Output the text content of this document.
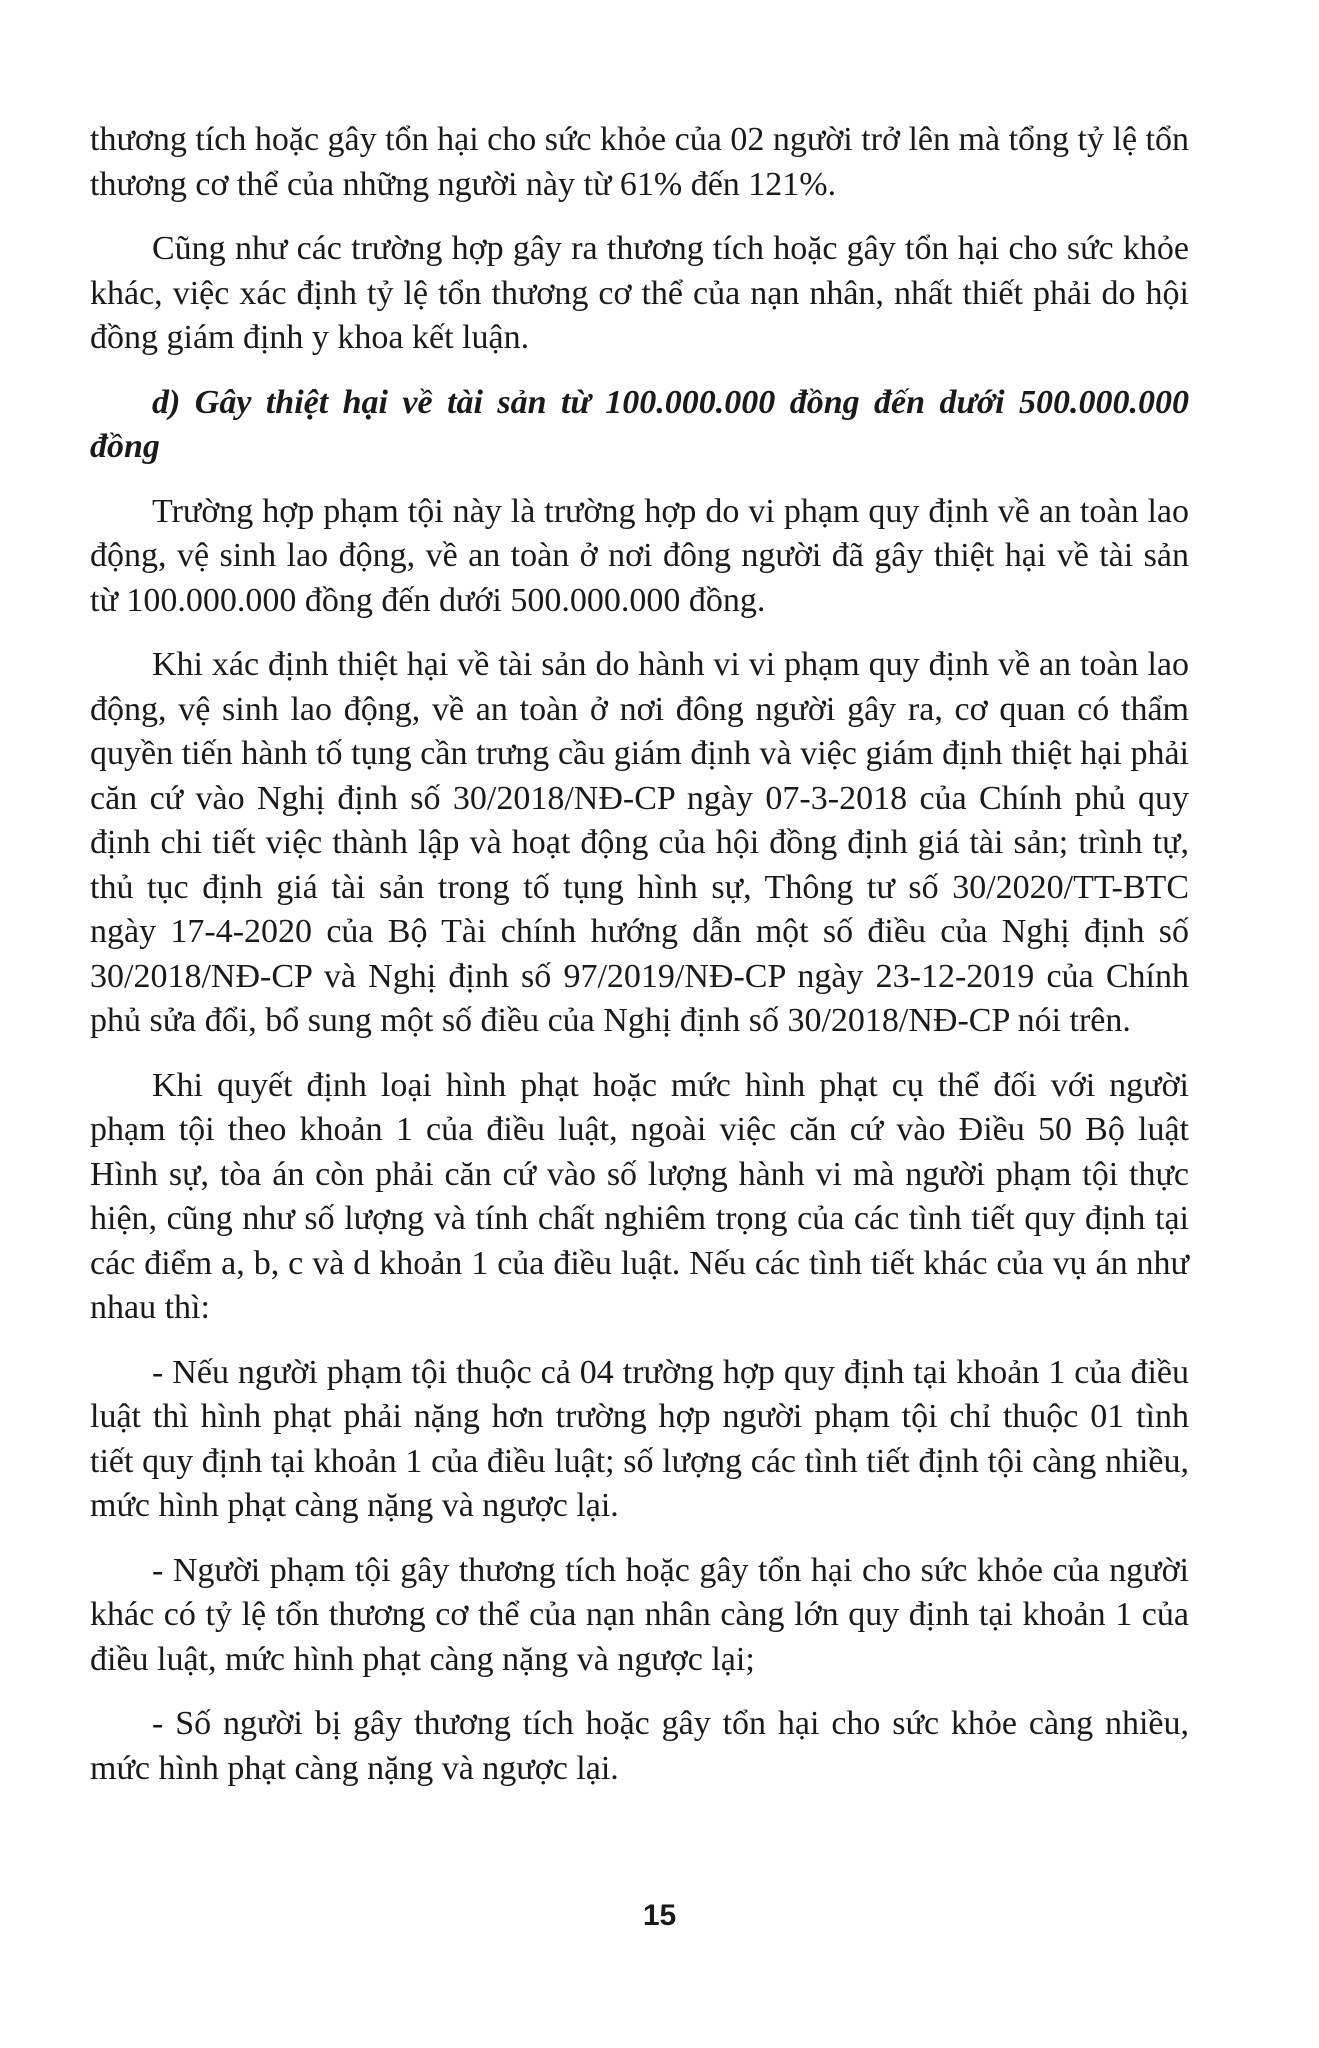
thương tích hoặc gây tổn hại cho sức khỏe của 02 người trở lên mà tổng tỷ lệ tổn thương cơ thể của những người này từ 61% đến 121%.

Cũng như các trường hợp gây ra thương tích hoặc gây tổn hại cho sức khỏe khác, việc xác định tỷ lệ tổn thương cơ thể của nạn nhân, nhất thiết phải do hội đồng giám định y khoa kết luận.

d) Gây thiệt hại về tài sản từ 100.000.000 đồng đến dưới 500.000.000 đồng

Trường hợp phạm tội này là trường hợp do vi phạm quy định về an toàn lao động, vệ sinh lao động, về an toàn ở nơi đông người đã gây thiệt hại về tài sản từ 100.000.000 đồng đến dưới 500.000.000 đồng.

Khi xác định thiệt hại về tài sản do hành vi vi phạm quy định về an toàn lao động, vệ sinh lao động, về an toàn ở nơi đông người gây ra, cơ quan có thẩm quyền tiến hành tố tụng cần trưng cầu giám định và việc giám định thiệt hại phải căn cứ vào Nghị định số 30/2018/NĐ-CP ngày 07-3-2018 của Chính phủ quy định chi tiết việc thành lập và hoạt động của hội đồng định giá tài sản; trình tự, thủ tục định giá tài sản trong tố tụng hình sự, Thông tư số 30/2020/TT-BTC ngày 17-4-2020 của Bộ Tài chính hướng dẫn một số điều của Nghị định số 30/2018/NĐ-CP và Nghị định số 97/2019/NĐ-CP ngày 23-12-2019 của Chính phủ sửa đổi, bổ sung một số điều của Nghị định số 30/2018/NĐ-CP nói trên.

Khi quyết định loại hình phạt hoặc mức hình phạt cụ thể đối với người phạm tội theo khoản 1 của điều luật, ngoài việc căn cứ vào Điều 50 Bộ luật Hình sự, tòa án còn phải căn cứ vào số lượng hành vi mà người phạm tội thực hiện, cũng như số lượng và tính chất nghiêm trọng của các tình tiết quy định tại các điểm a, b, c và d khoản 1 của điều luật. Nếu các tình tiết khác của vụ án như nhau thì:

- Nếu người phạm tội thuộc cả 04 trường hợp quy định tại khoản 1 của điều luật thì hình phạt phải nặng hơn trường hợp người phạm tội chỉ thuộc 01 tình tiết quy định tại khoản 1 của điều luật; số lượng các tình tiết định tội càng nhiều, mức hình phạt càng nặng và ngược lại.

- Người phạm tội gây thương tích hoặc gây tổn hại cho sức khỏe của người khác có tỷ lệ tổn thương cơ thể của nạn nhân càng lớn quy định tại khoản 1 của điều luật, mức hình phạt càng nặng và ngược lại;

- Số người bị gây thương tích hoặc gây tổn hại cho sức khỏe càng nhiều, mức hình phạt càng nặng và ngược lại.

15
